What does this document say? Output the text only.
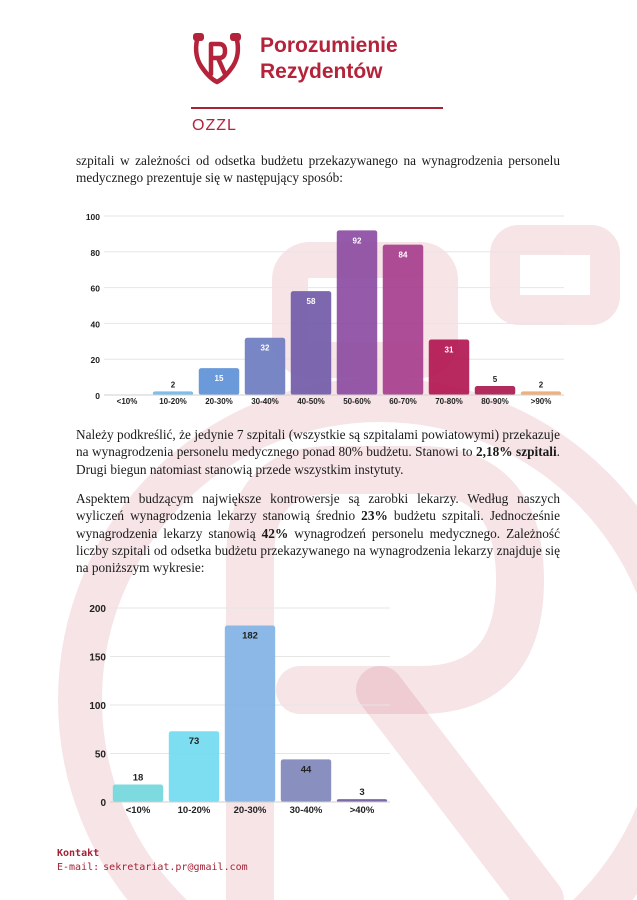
Porozumienie
Rezydentów
OZZL

szpitali w zależności od odsetka budżetu przekazywanego na wynagrodzenia personelu medycznego prezentuje się w następujący sposób:

0
20
40
60
80
100
<10%
2
10-20%
15
20-30%
32
30-40%
58
40-50%
92
50-60%
84
60-70%
31
70-80%
5
80-90%
2
>90%

Należy podkreślić, że jedynie 7 szpitali (wszystkie są szpitalami powiatowymi) przekazuje na wynagrodzenia personelu medycznego ponad 80% budżetu. Stanowi to 2,18% szpitali. Drugi biegun natomiast stanowią przede wszystkim instytuty.

Aspektem budzącym największe kontrowersje są zarobki lekarzy. Według naszych wyliczeń wynagrodzenia lekarzy stanowią średnio 23% budżetu szpitali. Jednocześnie wynagrodzenia lekarzy stanowią 42% wynagrodzeń personelu medycznego. Zależność liczby szpitali od odsetka budżetu przekazywanego na wynagrodzenia lekarzy znajduje się na poniższym wykresie:

0
50
100
150
200
18
<10%
73
10-20%
182
20-30%
44
30-40%
3
>40%
Kontakt
E-mail: sekretariat.pr@gmail.com
